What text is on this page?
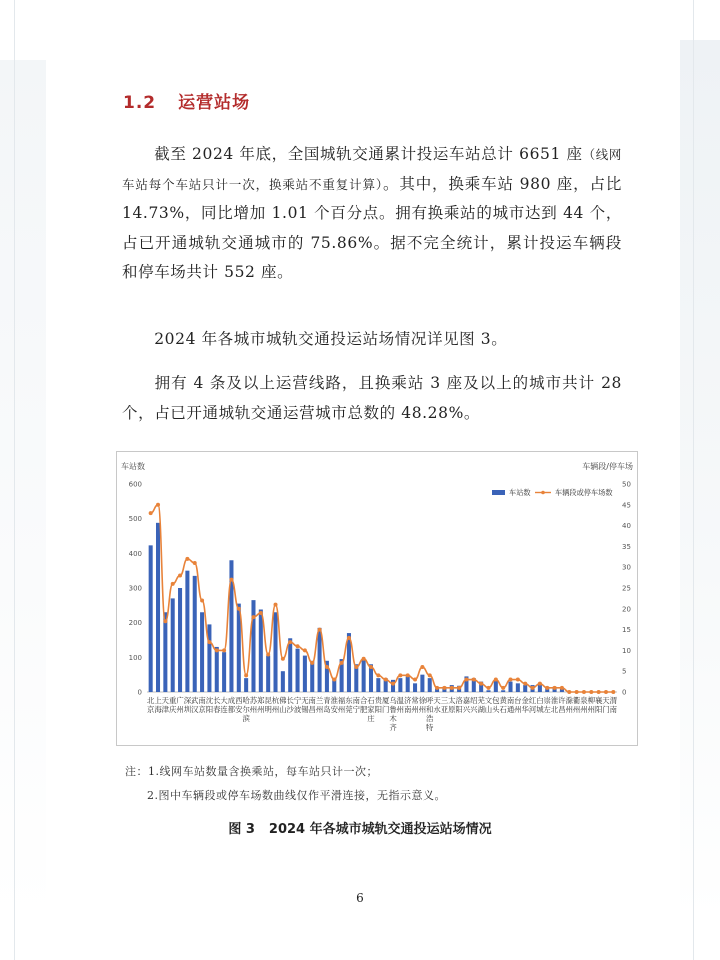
1.2 运营站场
  截至 2024 年底，全国城轨交通累计投运车站总计 6651 座（线网车站每个车站只计一次，换乘站不重复计算）。其中，换乘车站 980 座，占比 14.73%，同比增加 1.01 个百分点。拥有换乘站的城市达到 44 个，占已开通城轨交通城市的 75.86%。据不完全统计，累计投运车辆段和停车场共计 552 座。
  2024 年各城市城轨交通投运站场情况详见图 3。
  拥有 4 条及以上运营线路，且换乘站 3 座及以上的城市共计 28 个，占已开通城轨交通运营城市总数的 48.28%。
车站数	车辆段/停车场
0
100
200
300
400
500
600
0
5
10
15
20
25
30
35
40
45
50
北京
上海
天津
重庆
广州
深圳
武汉
南京
沈阳
长春
大连
成都
西安
哈尔滨
苏州
郑州
昆明
杭州
佛山
长沙
宁波
无锡
南昌
兰州
青岛
淮安
福州
东莞
南宁
合肥
石家庄
贵阳
厦门
乌鲁木齐
温州
济南
常州
徐州
呼和浩特
天水
三亚
太原
洛阳
嘉兴
绍兴
芜湖
文山
包头
黄石
南通
台州
金华
红河
白城
崇左
淮北
许昌
滁州
衢州
泉州
柳州
襄阳
天门
渭南
车站数	车辆段或停车场数
注：1.线网车站数量含换乘站，每车站只计一次；
2.图中车辆段或停车场数曲线仅作平滑连接，无指示意义。
图 3 2024 年各城市城轨交通投运站场情况
6
